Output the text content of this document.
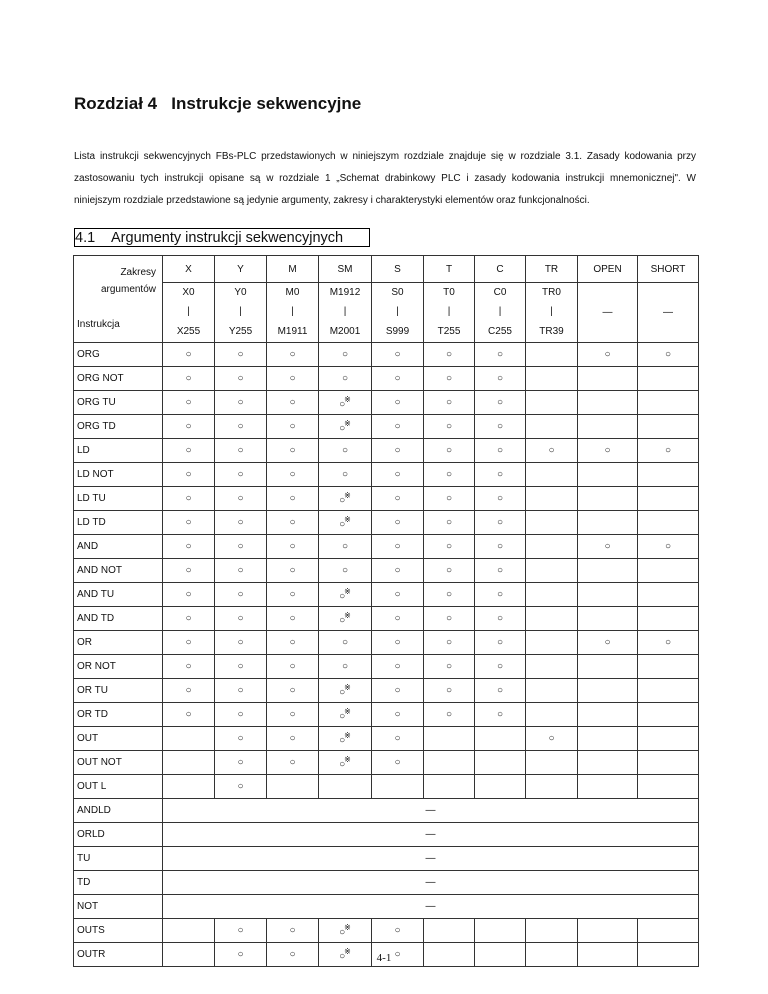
Rozdział 4 Instrukcje sekwencyjne

Lista instrukcji sekwencyjnych FBs-PLC przedstawionych w niniejszym rozdziale znajduje się w rozdziale 3.1. Zasady kodowania przy zastosowaniu tych instrukcji opisane są w rozdziale 1 „Schemat drabinkowy PLC i zasady kodowania instrukcji mnemonicznej". W niniejszym rozdziale przedstawione są jedynie argumenty, zakresy i charakterystyki elementów oraz funkcjonalności.

4.1 Argumenty instrukcji sekwencyjnych
Zakresy
argumentów
Instrukcja	X	Y	M	SM	S	T	C	TR	OPEN	SHORT
	X0	Y0	M0	M1912	S0	T0	C0	TR0	—	—
	|	|	|	|	|	|	|	|		
	X255	Y255	M1911	M2001	S999	T255	C255	TR39		
ORG	○	○	○	○	○	○	○		○	○
ORG NOT	○	○	○	○	○	○	○			
ORG TU	○	○	○	○※	○	○	○			
ORG TD	○	○	○	○※	○	○	○			
LD	○	○	○	○	○	○	○	○	○	○
LD NOT	○	○	○	○	○	○	○			
LD TU	○	○	○	○※	○	○	○			
LD TD	○	○	○	○※	○	○	○			
AND	○	○	○	○	○	○	○		○	○
AND NOT	○	○	○	○	○	○	○			
AND TU	○	○	○	○※	○	○	○			
AND TD	○	○	○	○※	○	○	○			
OR	○	○	○	○	○	○	○		○	○
OR NOT	○	○	○	○	○	○	○			
OR TU	○	○	○	○※	○	○	○			
OR TD	○	○	○	○※	○	○	○			
OUT		○	○	○※	○			○		
OUT NOT		○	○	○※	○					
OUT L		○								
ANDLD	—									
ORLD	—									
TU	—									
TD	—									
NOT	—									
OUTS		○	○	○※	○					
OUTR		○	○	○※	○					
4-1
